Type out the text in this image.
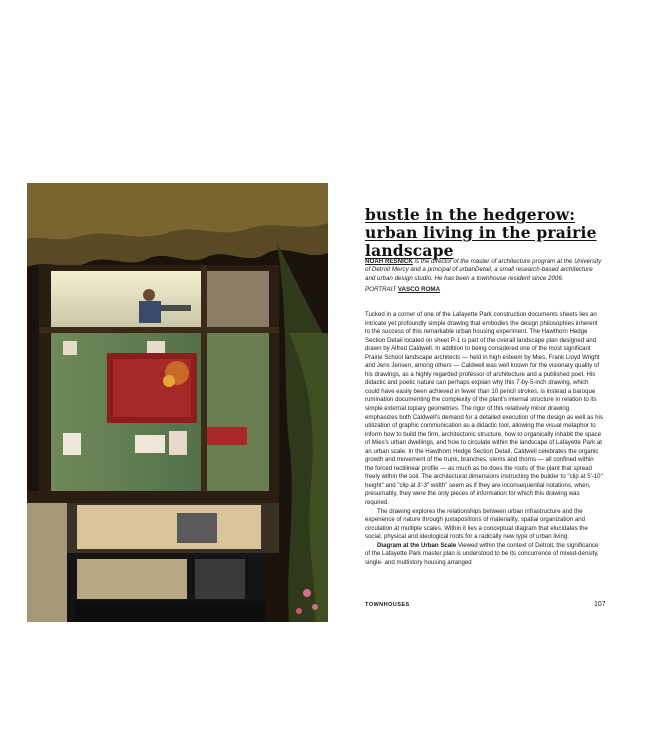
bustle in the hedgerow: urban living in the prairie landscape
NOAH RESNICK is the director of the master of architecture program at the University of Detroit Mercy and a principal of urbanDetail, a small research-based architecture and urban design studio. He has been a townhouse resident since 2006.
PORTRAIT VASCO ROMA

Tucked in a corner of one of the Lafayette Park construction documents sheets lies an intricate yet profoundly simple drawing that embodies the design philosophies inherent to the success of this remarkable urban housing experiment. The Hawthorn Hedge Section Detail located on sheet P-1 is part of the overall landscape plan designed and drawn by Alfred Caldwell. In addition to being considered one of the most significant Prairie School landscape architects — held in high esteem by Mies, Frank Lloyd Wright and Jens Jensen, among others — Caldwell was well known for the visionary quality of his drawings, as a highly regarded professor of architecture and a published poet. His didactic and poetic nature can perhaps explain why this 7-by-5-inch drawing, which could have easily been achieved in fewer than 10 pencil strokes, is instead a baroque rumination documenting the complexity of the plant's internal structure in relation to its simple external topiary geometries. The rigor of this relatively minor drawing emphasizes both Caldwell's demand for a detailed execution of the design as well as his utilization of graphic communication as a didactic tool, allowing the visual metaphor to inform how to build the firm, architectonic structure, how to organically inhabit the space of Mies's urban dwellings, and how to circulate within the landscape of Lafayette Park at an urban scale. In the Hawthorn Hedge Section Detail, Caldwell celebrates the organic growth and movement of the trunk, branches, stems and thorns — all confined within the forced rectilinear profile — as much as he does the roots of the plant that spread freely within the soil. The architectural dimensions instructing the builder to "clip at 5'-10" height" and "clip at 3'-3" width" seem as if they are inconsequential notations, when, presumably, they were the only pieces of information for which this drawing was required.

The drawing explores the relationships between urban infrastructure and the experience of nature through juxtapositions of materiality, spatial organization and circulation at multiple scales. Within it lies a conceptual diagram that elucidates the social, physical and ideological roots for a radically new type of urban living.

Diagram at the Urban Scale Viewed within the context of Detroit, the significance of the Lafayette Park master plan is understood to be its concurrence of mixed-density, single- and multistory housing arranged

TOWNHOUSES	107
